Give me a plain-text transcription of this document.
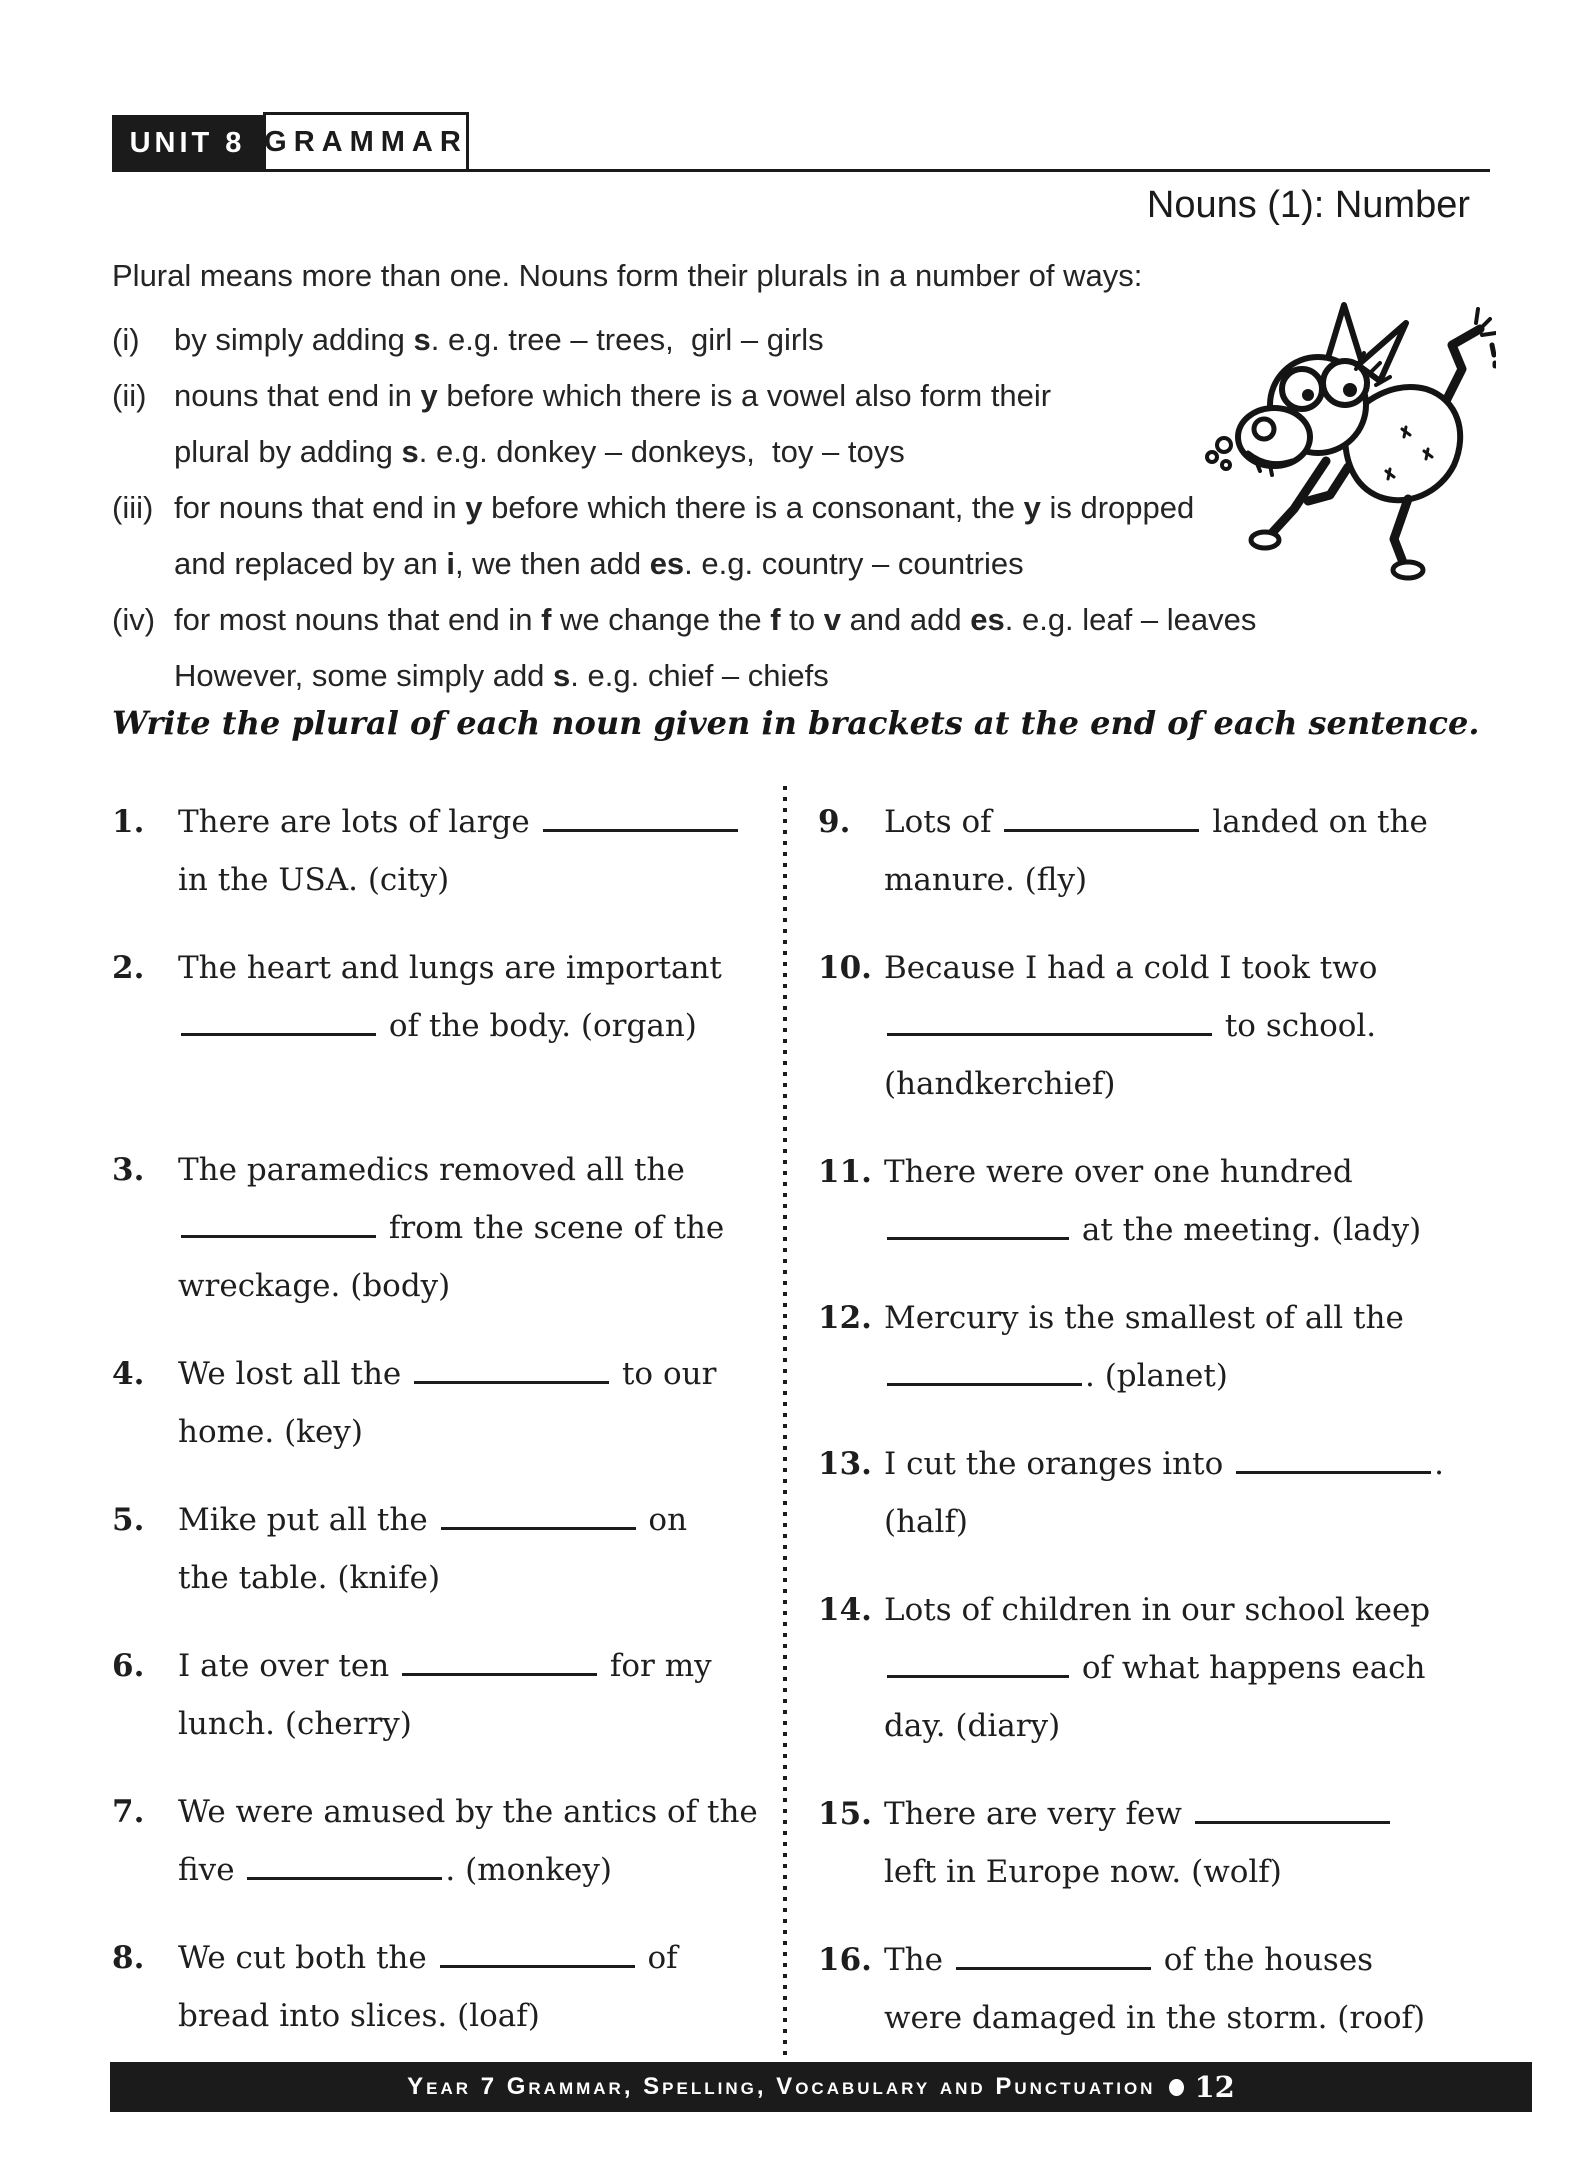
UNIT 8 GRAMMAR
Nouns (1): Number

Plural means more than one. Nouns form their plurals in a number of ways:

(i)	by simply adding s. e.g. tree – trees,  girl – girls
(ii) nouns that end in y before which there is a vowel also form their
plural by adding s. e.g. donkey – donkeys,  toy – toys
(iii) for nouns that end in y before which there is a consonant, the y is dropped
and replaced by an i, we then add es. e.g. country – countries
(iv) for most nouns that end in f we change the f to v and add es. e.g. leaf – leaves
However, some simply add s. e.g. chief – chiefs

Write the plural of each noun given in brackets at the end of each sentence.

1.	There are lots of large
in the USA. (city)
2.	The heart and lungs are important
of the body. (organ)
3.	The paramedics removed all the
from the scene of the
wreckage. (body)
4.	We lost all the	to our
home. (key)
5.	Mike put all the	on
the table. (knife)
6.	I ate over ten	for my
lunch. (cherry)
7.	We were amused by the antics of the
five	. (monkey)
8.	We cut both the	of
bread into slices. (loaf)
9.	Lots of	landed on the
manure. (fly)
10. Because I had a cold I took two
to school.
(handkerchief)
11. There were over one hundred
at the meeting. (lady)
12. Mercury is the smallest of all the
. (planet)
13. I cut the oranges into	.
(half)
14. Lots of children in our school keep
of what happens each
day. (diary)
15. There are very few
left in Europe now. (wolf)
16. The	of the houses
were damaged in the storm. (roof)
Year 7 Grammar, Spelling, Vocabulary and Punctuation 12
